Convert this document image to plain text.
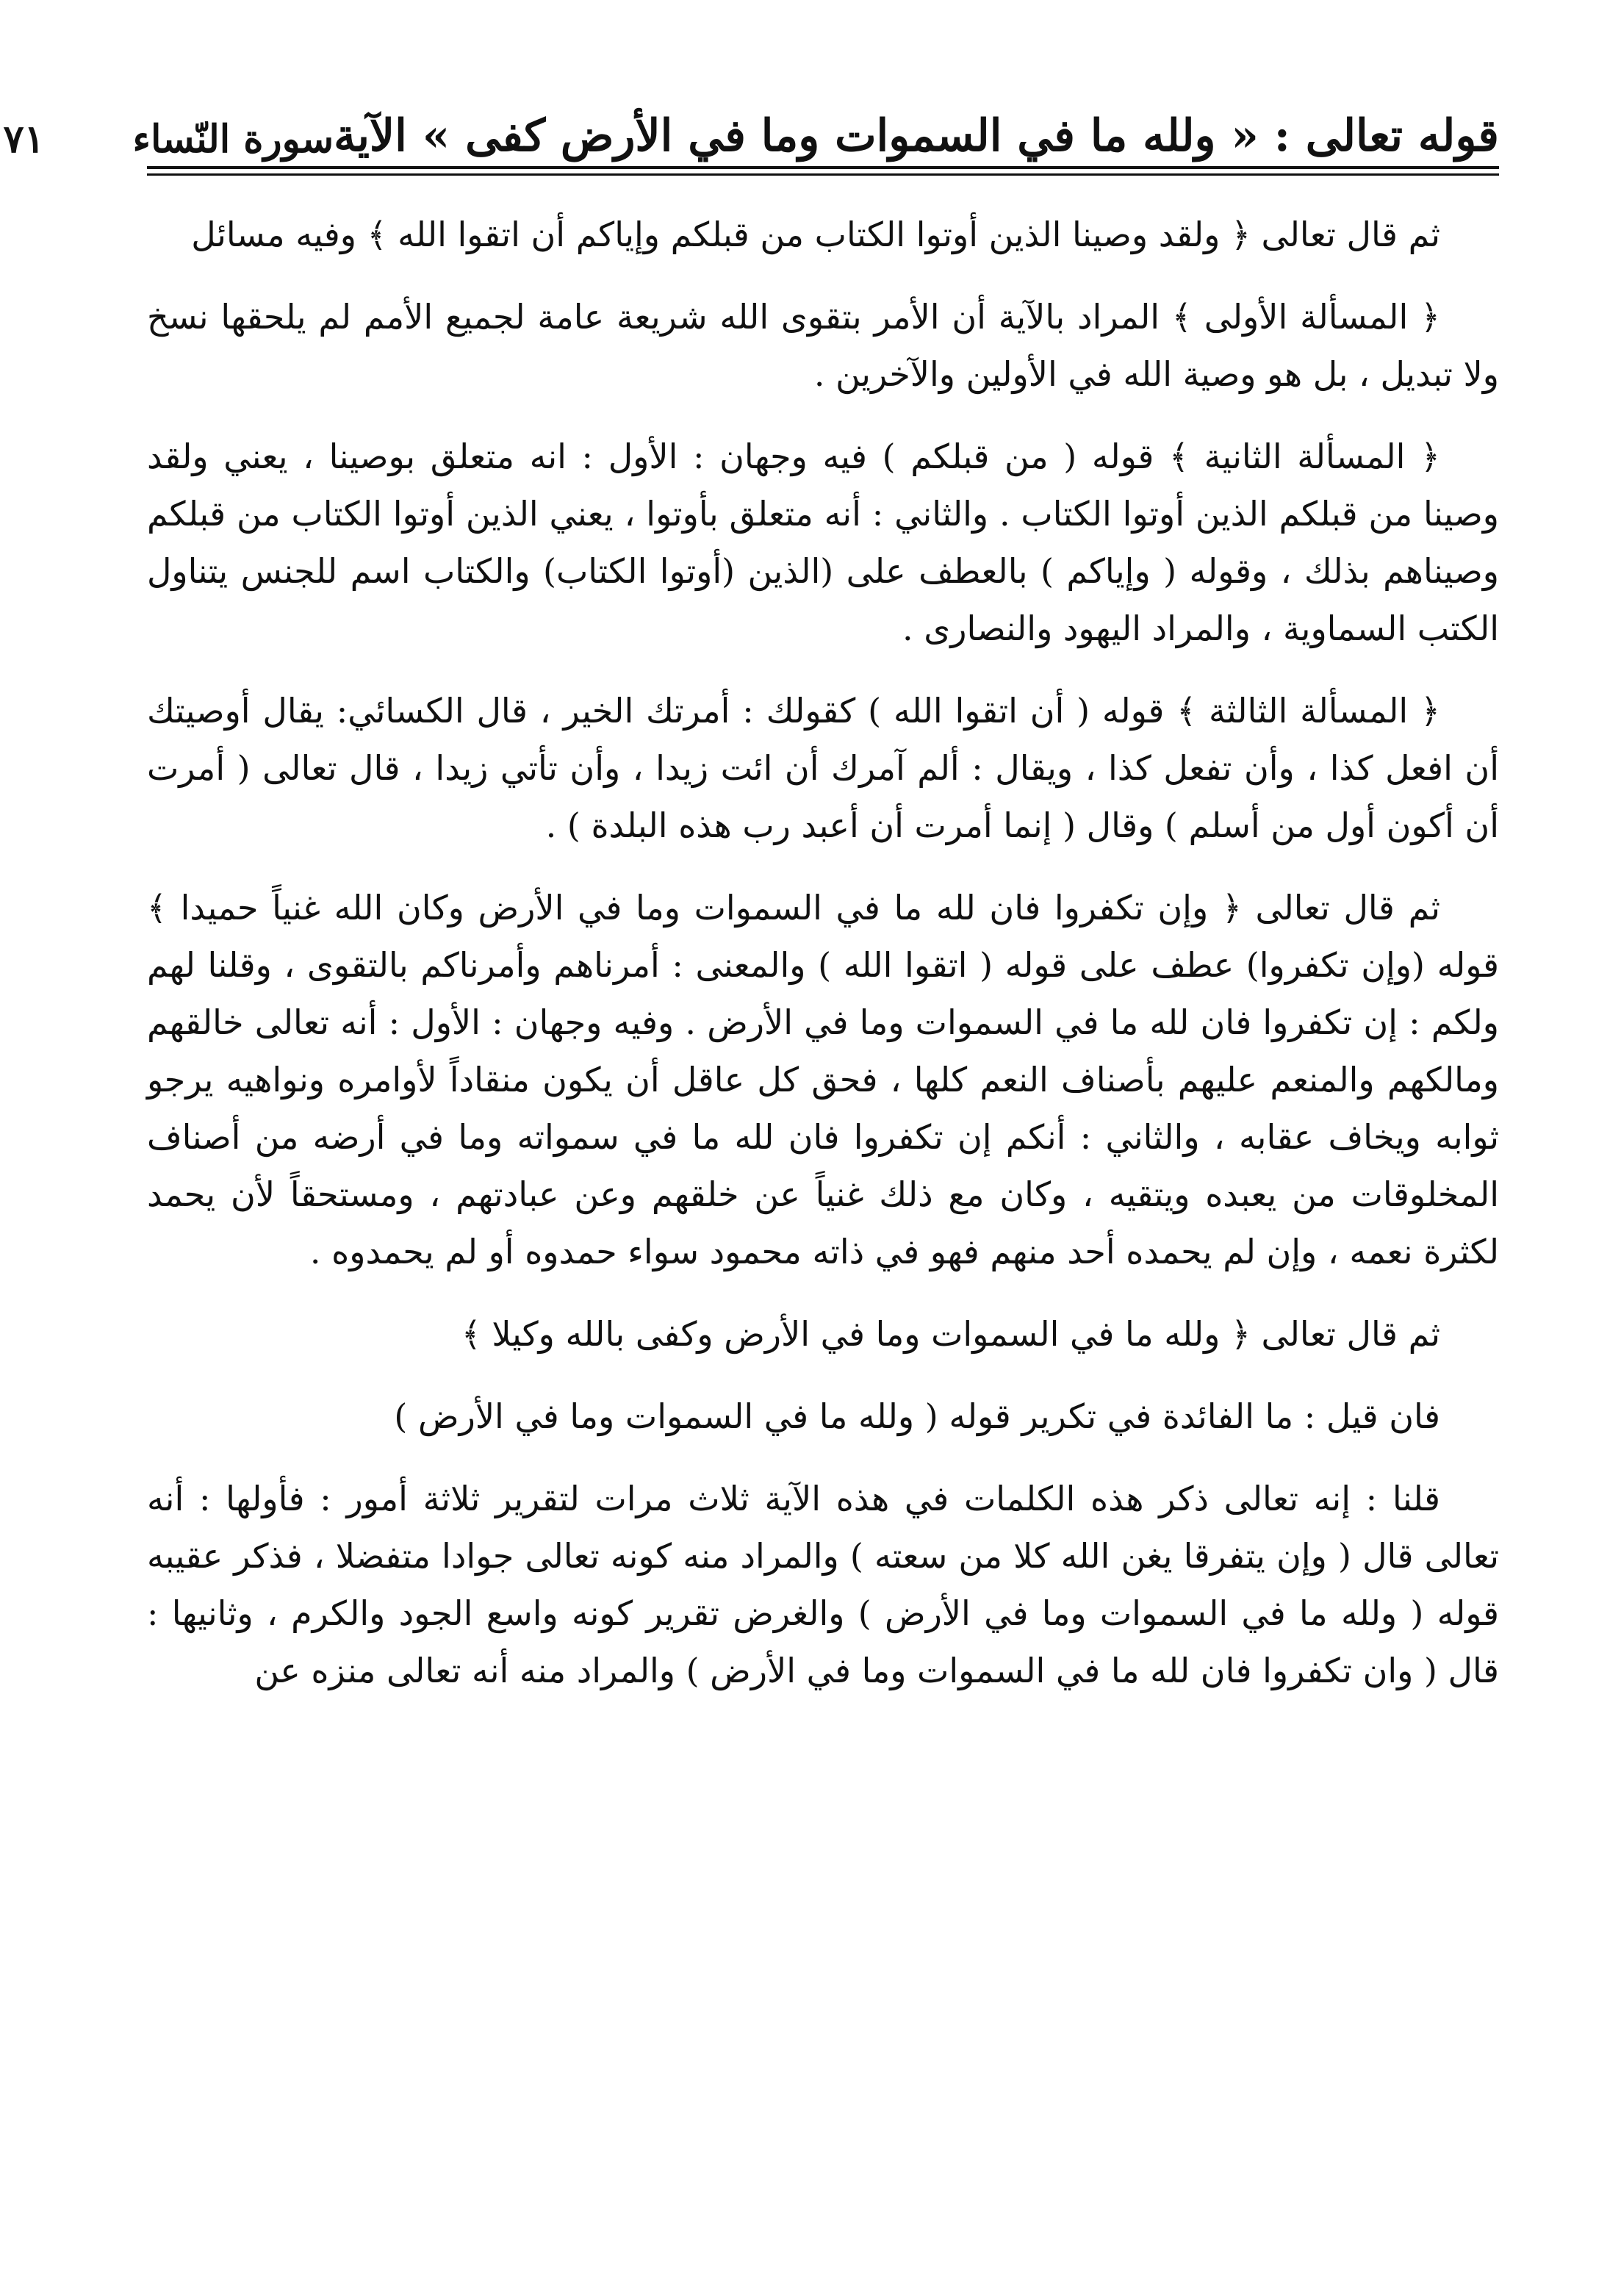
قوله تعالى : « ولله ما في السموات وما في الأرض كفى » الآية
سورة النّساء
٧١

ثم قال تعالى ﴿ ولقد وصينا الذين أوتوا الكتاب من قبلكم وإياكم أن اتقوا الله ﴾ وفيه مسائل

﴿ المسألة الأولى ﴾ المراد بالآية أن الأمر بتقوى الله شريعة عامة لجميع الأمم لم يلحقها نسخ ولا تبديل ، بل هو وصية الله في الأولين والآخرين .

﴿ المسألة الثانية ﴾ قوله ( من قبلكم ) فيه وجهان : الأول : انه متعلق بوصينا ، يعني ولقد وصينا من قبلكم الذين أوتوا الكتاب . والثاني : أنه متعلق بأوتوا ، يعني الذين أوتوا الكتاب من قبلكم وصيناهم بذلك ، وقوله ( وإياكم ) بالعطف على (الذين (أوتوا الكتاب) والكتاب اسم للجنس يتناول الكتب السماوية ، والمراد اليهود والنصارى .

﴿ المسألة الثالثة ﴾ قوله ( أن اتقوا الله ) كقولك : أمرتك الخير ، قال الكسائي: يقال أوصيتك أن افعل كذا ، وأن تفعل كذا ، ويقال : ألم آمرك أن ائت زيدا ، وأن تأتي زيدا ، قال تعالى ( أمرت أن أكون أول من أسلم ) وقال ( إنما أمرت أن أعبد رب هذه البلدة ) .

ثم قال تعالى ﴿ وإن تكفروا فان لله ما في السموات وما في الأرض وكان الله غنياً حميدا ﴾ قوله (وإن تكفروا) عطف على قوله ( اتقوا الله ) والمعنى : أمرناهم وأمرناكم بالتقوى ، وقلنا لهم ولكم : إن تكفروا فان لله ما في السموات وما في الأرض . وفيه وجهان : الأول : أنه تعالى خالقهم ومالكهم والمنعم عليهم بأصناف النعم كلها ، فحق كل عاقل أن يكون منقاداً لأوامره ونواهيه يرجو ثوابه ويخاف عقابه ، والثاني : أنكم إن تكفروا فان لله ما في سمواته وما في أرضه من أصناف المخلوقات من يعبده ويتقيه ، وكان مع ذلك غنياً عن خلقهم وعن عبادتهم ، ومستحقاً لأن يحمد لكثرة نعمه ، وإن لم يحمده أحد منهم فهو في ذاته محمود سواء حمدوه أو لم يحمدوه .

ثم قال تعالى ﴿ ولله ما في السموات وما في الأرض وكفى بالله وكيلا ﴾

فان قيل : ما الفائدة في تكرير قوله ( ولله ما في السموات وما في الأرض )

قلنا : إنه تعالى ذكر هذه الكلمات في هذه الآية ثلاث مرات لتقرير ثلاثة أمور : فأولها : أنه تعالى قال ( وإن يتفرقا يغن الله كلا من سعته ) والمراد منه كونه تعالى جوادا متفضلا ، فذكر عقيبه قوله ( ولله ما في السموات وما في الأرض ) والغرض تقرير كونه واسع الجود والكرم ، وثانيها : قال ( وان تكفروا فان لله ما في السموات وما في الأرض ) والمراد منه أنه تعالى منزه عن
